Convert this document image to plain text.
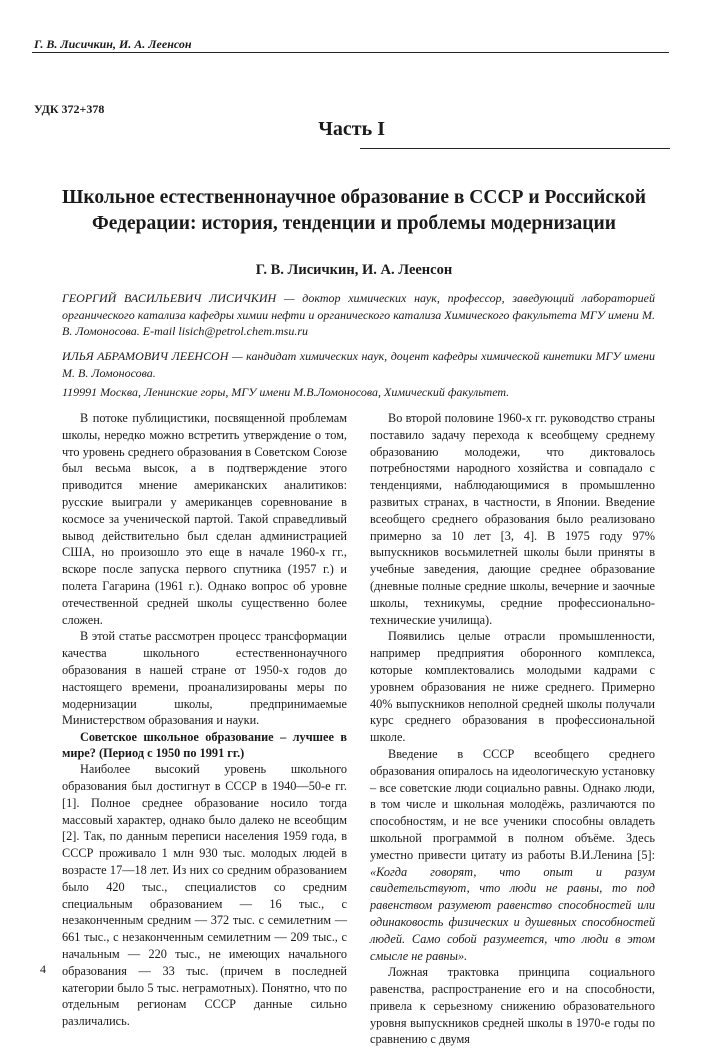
Г. В. Лисичкин, И. А. Леенсон
УДК 372+378
Часть I
Школьное естественнонаучное образование в СССР и Российской Федерации: история, тенденции и проблемы модернизации
Г. В. Лисичкин, И. А. Леенсон
ГЕОРГИЙ ВАСИЛЬЕВИЧ ЛИСИЧКИН — доктор химических наук, профессор, заведующий лабораторией органического катализа кафедры химии нефти и органического катализа Химического факультета МГУ имени М. В. Ломоносова. E-mail lisich@petrol.chem.msu.ru
ИЛЬЯ АБРАМОВИЧ ЛЕЕНСОН — кандидат химических наук, доцент кафедры химической кинетики МГУ имени М. В. Ломоносова.
119991 Москва, Ленинские горы, МГУ имени М.В.Ломоносова, Химический факультет.

В потоке публицистики, посвященной проблемам школы, нередко можно встретить утверждение о том, что уровень среднего образования в Советском Союзе был весьма высок, а в подтверждение этого приводится мнение американских аналитиков: русские выиграли у американцев соревнование в космосе за ученической партой. Такой справедливый вывод действительно был сделан администрацией США, но произошло это еще в начале 1960-х гг., вскоре после запуска первого спутника (1957 г.) и полета Гагарина (1961 г.). Однако вопрос об уровне отечественной средней школы существенно более сложен.

В этой статье рассмотрен процесс трансформации качества школьного естественнонаучного образования в нашей стране от 1950-х годов до настоящего времени, проанализированы меры по модернизации школы, предпринимаемые Министерством образования и науки.

Советское школьное образование – лучшее в мире? (Период с 1950 по 1991 гг.)

Наиболее высокий уровень школьного образования был достигнут в СССР в 1940—50-е гг. [1]. Полное среднее образование носило тогда массовый характер, однако было далеко не всеобщим [2]. Так, по данным переписи населения 1959 года, в СССР проживало 1 млн 930 тыс. молодых людей в возрасте 17—18 лет. Из них со средним образованием было 420 тыс., специалистов со средним специальным образованием — 16 тыс., с незаконченным средним — 372 тыс. с семилетним — 661 тыс., с незаконченным семилетним — 209 тыс., с начальным — 220 тыс., не имеющих начального образования — 33 тыс. (причем в последней категории было 5 тыс. неграмотных). Понятно, что по отдельным регионам СССР данные сильно различались.

Во второй половине 1960-х гг. руководство страны поставило задачу перехода к всеобщему среднему образованию молодежи, что диктовалось потребностями народного хозяйства и совпадало с тенденциями, наблюдающимися в промышленно развитых странах, в частности, в Японии. Введение всеобщего среднего образования было реализовано примерно за 10 лет [3, 4]. В 1975 году 97% выпускников восьмилетней школы были приняты в учебные заведения, дающие среднее образование (дневные полные средние школы, вечерние и заочные школы, техникумы, средние профессионально-технические училища).

Появились целые отрасли промышленности, например предприятия оборонного комплекса, которые комплектовались молодыми кадрами с уровнем образования не ниже среднего. Примерно 40% выпускников неполной средней школы получали курс среднего образования в профессиональной школе.

Введение в СССР всеобщего среднего образования опиралось на идеологическую установку – все советские люди социально равны. Однако люди, в том числе и школьная молодёжь, различаются по способностям, и не все ученики способны овладеть школьной программой в полном объёме. Здесь уместно привести цитату из работы В.И.Ленина [5]: «Когда говорят, что опыт и разум свидетельствуют, что люди не равны, то под равенством разумеют равенство способностей или одинаковость физических и душевных способностей людей. Само собой разумеется, что люди в этом смысле не равны».

Ложная трактовка принципа социального равенства, распространение его и на способности, привела к серьезному снижению образовательного уровня выпускников средней школы в 1970-е годы по сравнению с двумя

4
